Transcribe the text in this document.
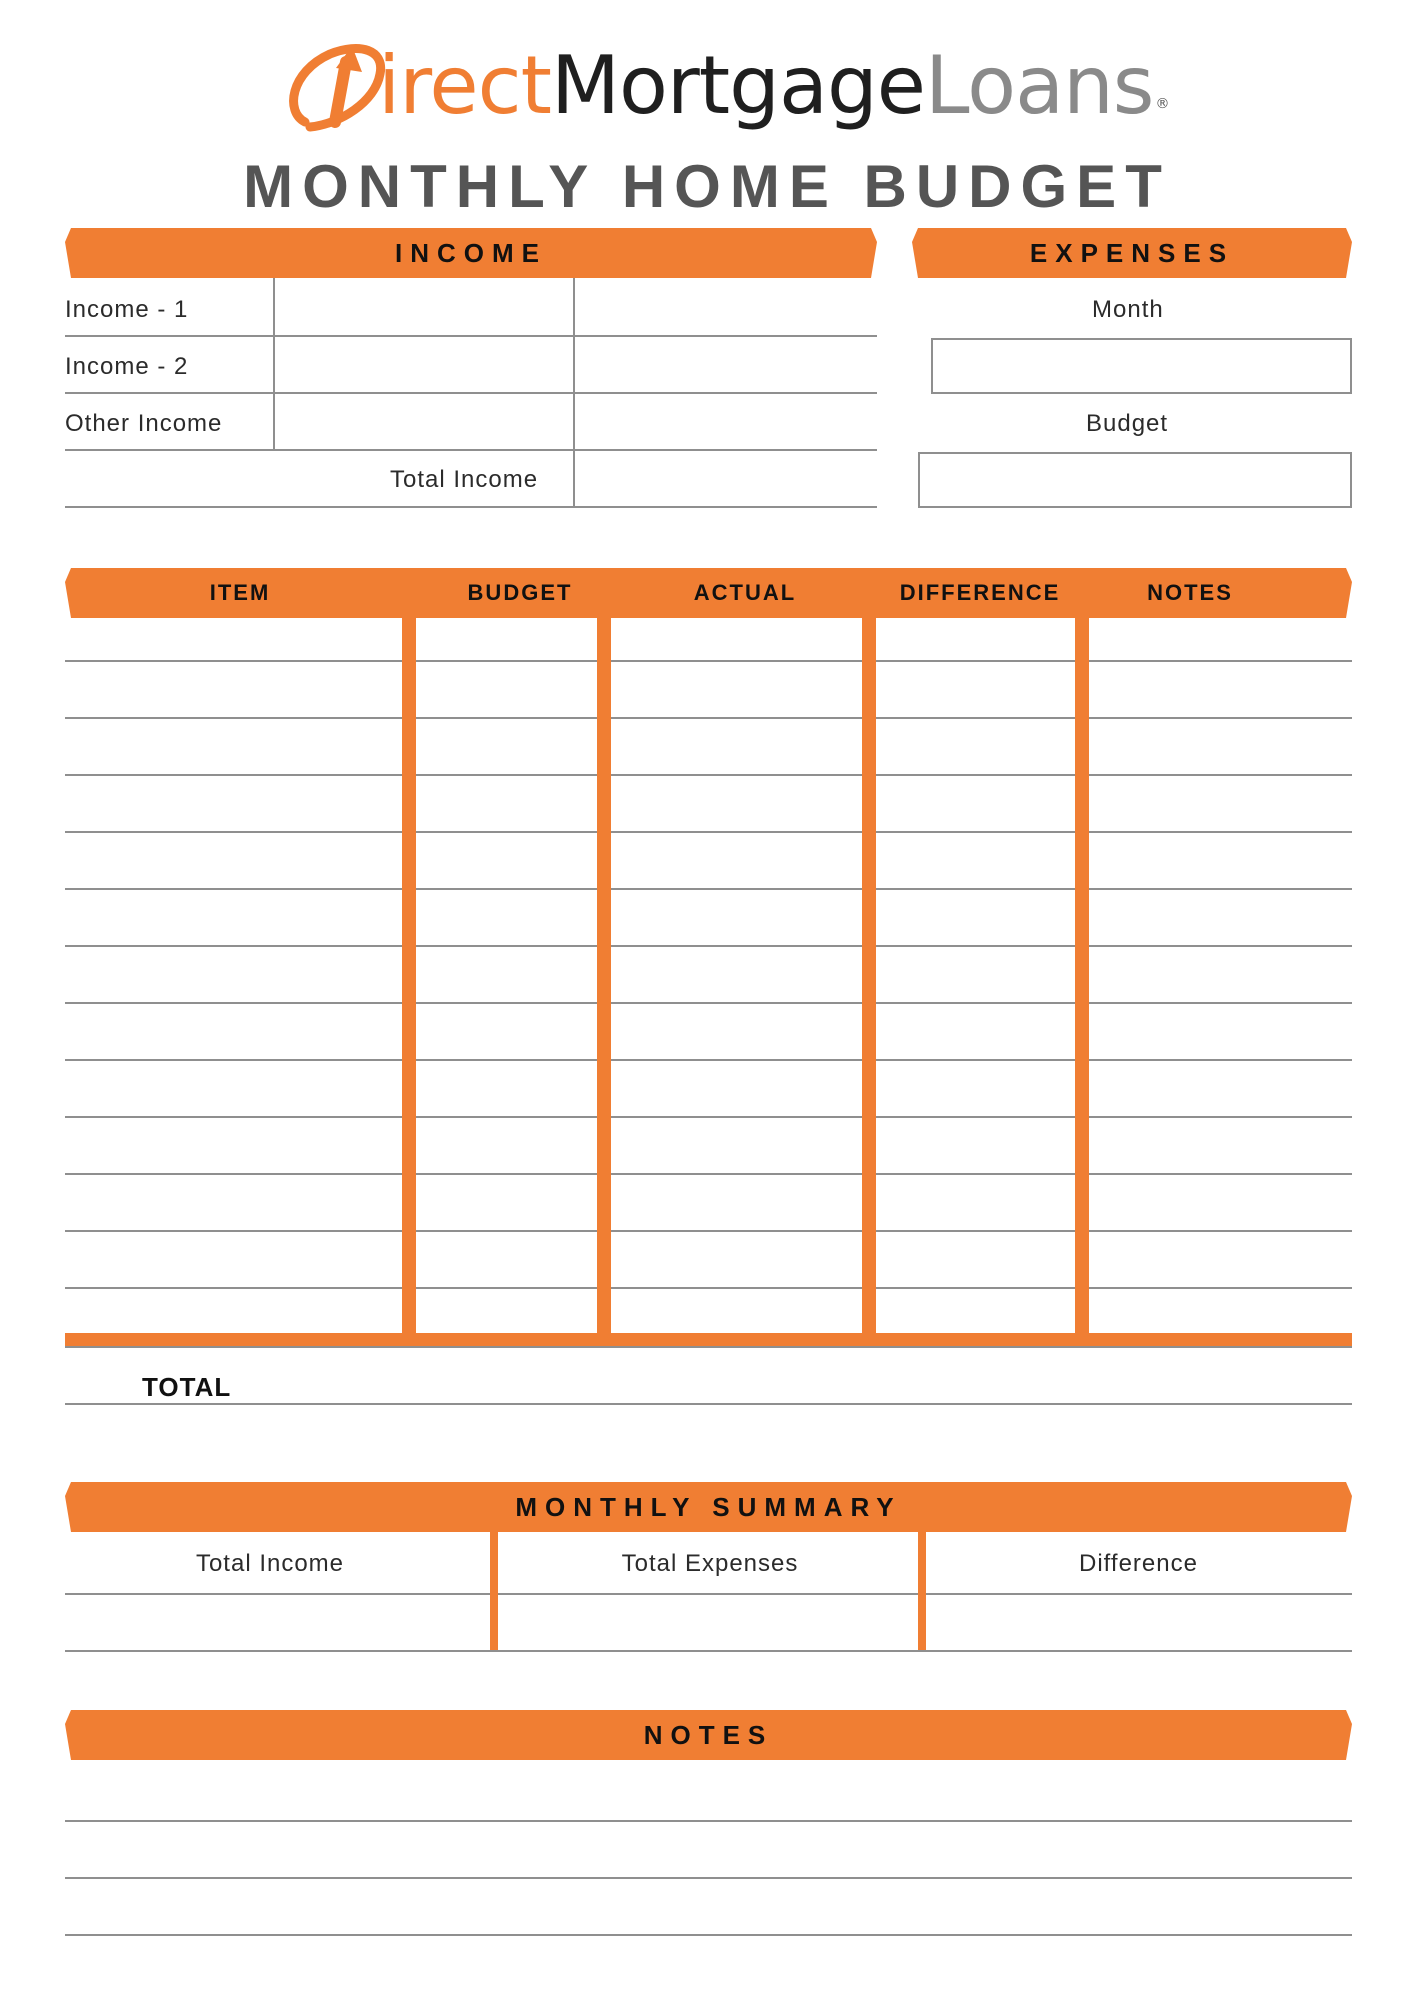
irectMortgageLoans ®
MONTHLY HOME BUDGET
INCOME	EXPENSES
Income - 1
Income - 2
Other Income
Total Income
Month
Budget
ITEM	BUDGET	ACTUAL	DIFFERENCE	NOTES
TOTAL
MONTHLY SUMMARY
Total Income	Total Expenses	Difference
NOTES
